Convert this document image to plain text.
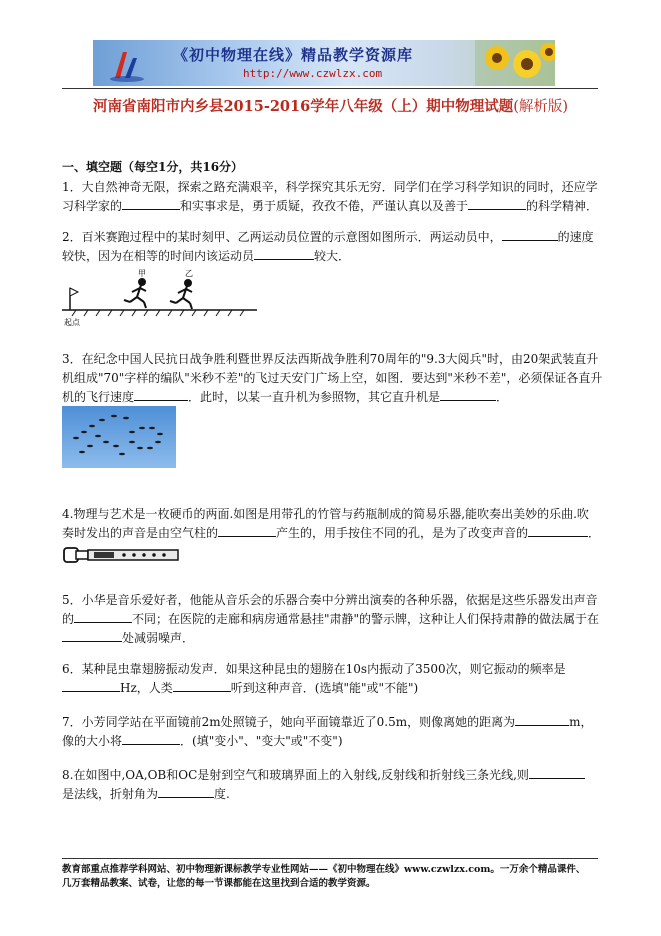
《初中物理在线》精品教学资源库
http://www.czwlzx.com
河南省南阳市内乡县2015-2016学年八年级（上）期中物理试题(解析版)
一、填空题（每空1分，共16分）
1．大自然神奇无限，探索之路充满艰辛，科学探究其乐无穷．同学们在学习科学知识的同时，还应学
习科学家的	和实事求是，勇于质疑，孜孜不倦，严谨认真以及善于	的科学精神．
2．百米赛跑过程中的某时刻甲、乙两运动员位置的示意图如图所示．两运动员中，	的速度
较快，因为在相等的时间内该运动员	较大．
起点
甲	乙
3．在纪念中国人民抗日战争胜利暨世界反法西斯战争胜利70周年的"9.3大阅兵"时，由20架武装直升
机组成"70"字样的编队"米秒不差"的飞过天安门广场上空，如图．要达到"米秒不差"，必须保证各直升
机的飞行速度	．此时，以某一直升机为参照物，其它直升机是	．
4.物理与艺术是一枚硬币的两面.如图是用带孔的竹管与药瓶制成的简易乐器,能吹奏出美妙的乐曲.吹
奏时发出的声音是由空气柱的	产生的，用手按住不同的孔，是为了改变声音的	．
5．小华是音乐爱好者，他能从音乐会的乐器合奏中分辨出演奏的各种乐器，依据是这些乐器发出声音
的	不同；在医院的走廊和病房通常悬挂"肃静"的警示牌，这种让人们保持肃静的做法属于在
处减弱噪声．
6．某种昆虫靠翅膀振动发声．如果这种昆虫的翅膀在10s内振动了3500次，则它振动的频率是
Hz，人类	听到这种声音．(选填"能"或"不能")
7．小芳同学站在平面镜前2m处照镜子，她向平面镜靠近了0.5m，则像离她的距离为	m，
像的大小将	．(填"变小"、"变大"或"不变")
8.在如图中,OA,OB和OC是射到空气和玻璃界面上的入射线,反射线和折射线三条光线,则
是法线，折射角为	度.
教育部重点推荐学科网站、初中物理新课标教学专业性网站——《初中物理在线》www.czwlzx.com。一万余个精品课件、
几万套精品教案、试卷，让您的每一节课都能在这里找到合适的教学资源。
